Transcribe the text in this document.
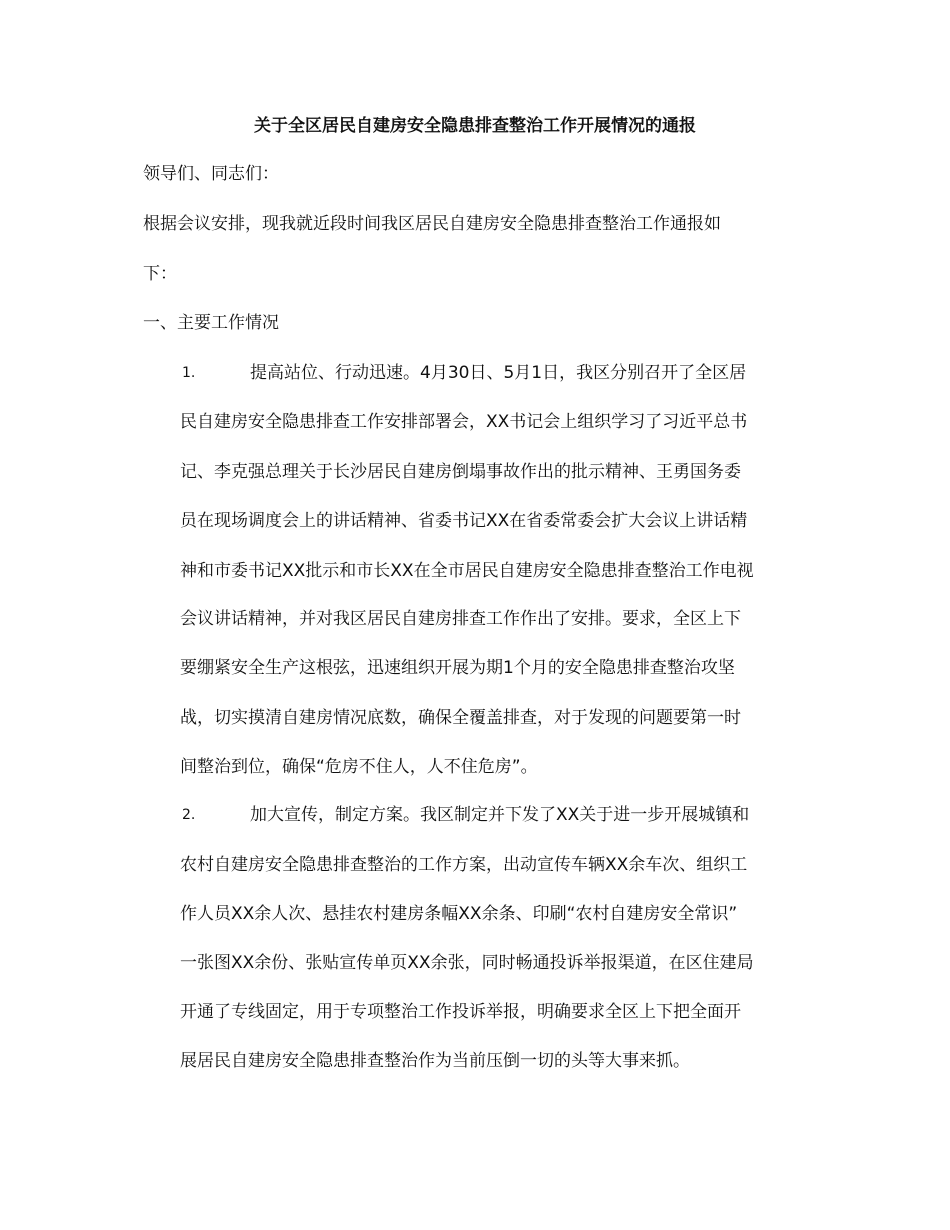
关于全区居民自建房安全隐患排查整治工作开展情况的通报
领导们、同志们：
根据会议安排，现我就近段时间我区居民自建房安全隐患排查整治工作通报如
下：
一、主要工作情况
1.	提高站位、行动迅速。4月30日、5月1日，我区分别召开了全区居
民自建房安全隐患排查工作安排部署会，XX书记会上组织学习了习近平总书
记、李克强总理关于长沙居民自建房倒塌事故作出的批示精神、王勇国务委
员在现场调度会上的讲话精神、省委书记XX在省委常委会扩大会议上讲话精
神和市委书记XX批示和市长XX在全市居民自建房安全隐患排查整治工作电视
会议讲话精神，并对我区居民自建房排查工作作出了安排。要求，全区上下
要绷紧安全生产这根弦，迅速组织开展为期1个月的安全隐患排查整治攻坚
战，切实摸清自建房情况底数，确保全覆盖排查，对于发现的问题要第一时
间整治到位，确保“危房不住人，人不住危房”。
2.	加大宣传，制定方案。我区制定并下发了XX关于进一步开展城镇和
农村自建房安全隐患排查整治的工作方案，出动宣传车辆XX余车次、组织工
作人员XX余人次、悬挂农村建房条幅XX余条、印刷“农村自建房安全常识”
一张图XX余份、张贴宣传单页XX余张，同时畅通投诉举报渠道，在区住建局
开通了专线固定，用于专项整治工作投诉举报，明确要求全区上下把全面开
展居民自建房安全隐患排查整治作为当前压倒一切的头等大事来抓。
